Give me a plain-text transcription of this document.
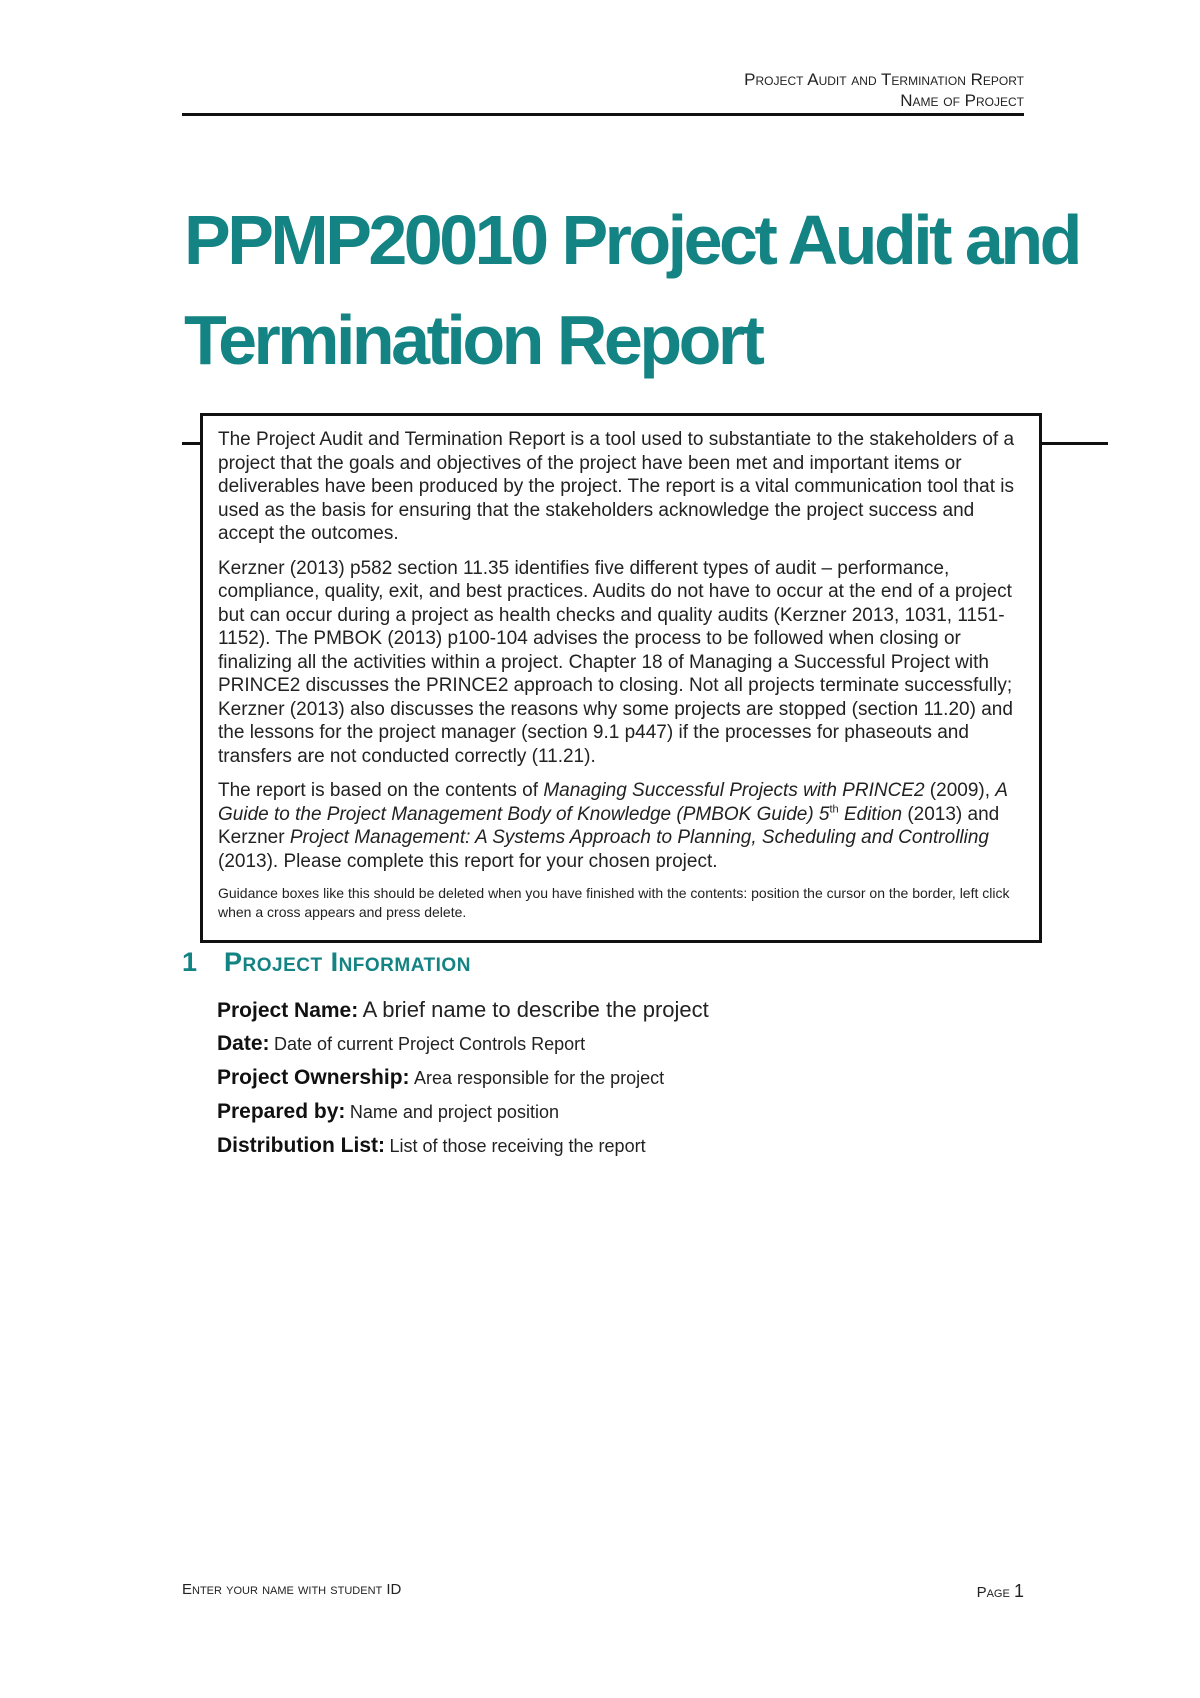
Project Audit and Termination Report
Name of Project
PPMP20010 Project Audit and
Termination Report

The Project Audit and Termination Report is a tool used to substantiate to the stakeholders of a project that the goals and objectives of the project have been met and important items or deliverables have been produced by the project. The report is a vital communication tool that is used as the basis for ensuring that the stakeholders acknowledge the project success and accept the outcomes.

Kerzner (2013) p582 section 11.35 identifies five different types of audit – performance, compliance, quality, exit, and best practices. Audits do not have to occur at the end of a project but can occur during a project as health checks and quality audits (Kerzner 2013, 1031, 1151-1152). The PMBOK (2013) p100-104 advises the process to be followed when closing or finalizing all the activities within a project. Chapter 18 of Managing a Successful Project with PRINCE2 discusses the PRINCE2 approach to closing. Not all projects terminate successfully; Kerzner (2013) also discusses the reasons why some projects are stopped (section 11.20) and the lessons for the project manager (section 9.1 p447) if the processes for phaseouts and transfers are not conducted correctly (11.21).

The report is based on the contents of Managing Successful Projects with PRINCE2 (2009), A Guide to the Project Management Body of Knowledge (PMBOK Guide) 5th Edition (2013) and Kerzner Project Management: A Systems Approach to Planning, Scheduling and Controlling (2013). Please complete this report for your chosen project.

Guidance boxes like this should be deleted when you have finished with the contents: position the cursor on the border, left click when a cross appears and press delete.

1 Project Information
Project Name: A brief name to describe the project
Date: Date of current Project Controls Report
Project Ownership: Area responsible for the project
Prepared by: Name and project position
Distribution List: List of those receiving the report
Enter your name with student ID	Page 1
